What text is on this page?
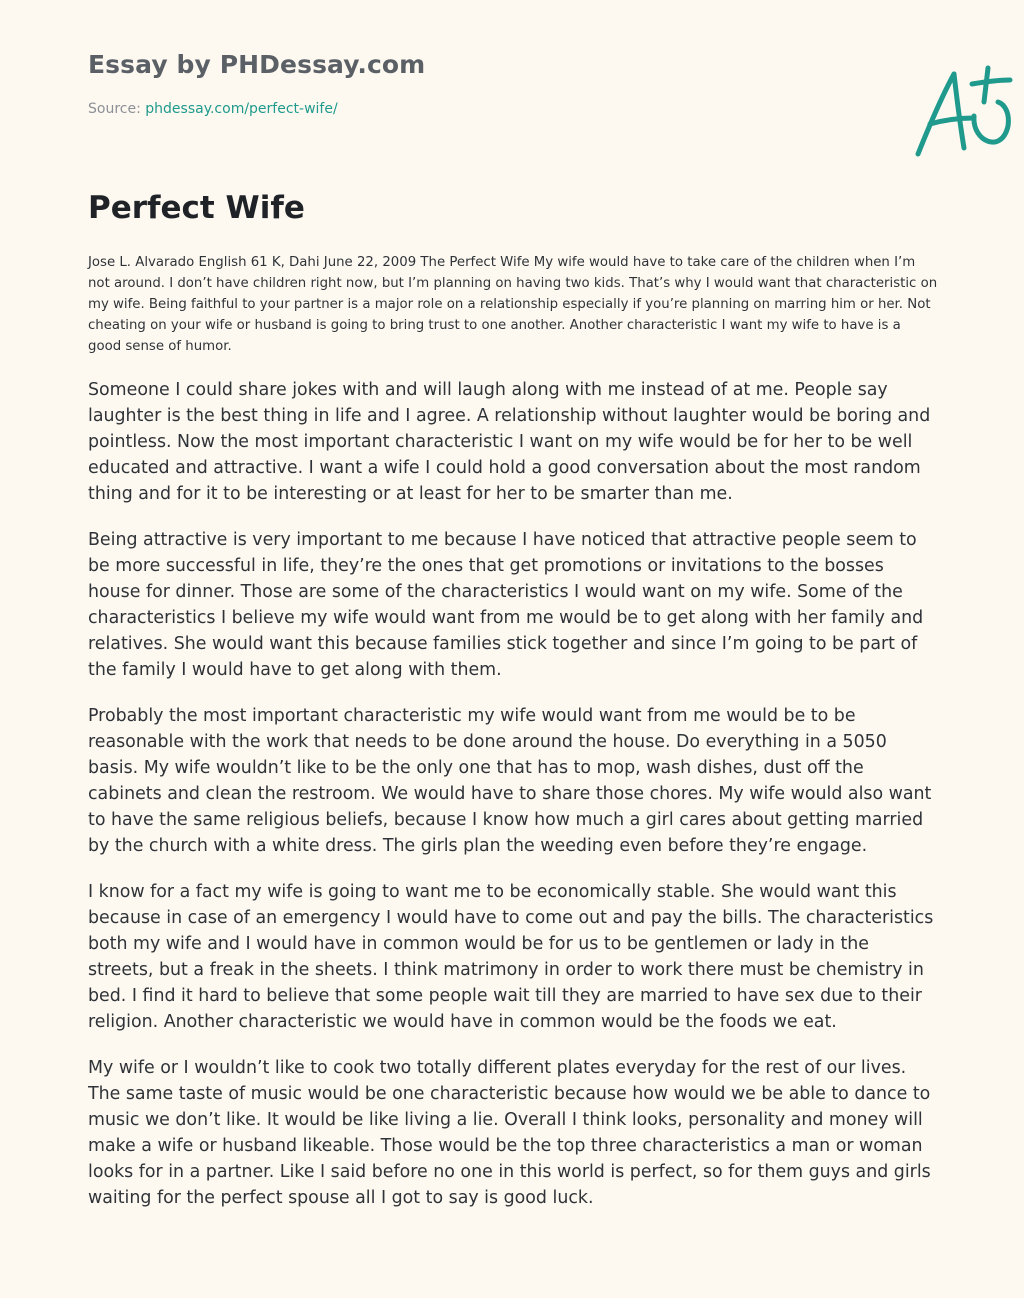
Essay by PHDessay.com
Source: phdessay.com/perfect-wife/
Perfect Wife

Jose L. Alvarado English 61 K, Dahi June 22, 2009 The Perfect Wife My wife would have to take care of the children when I’m not around. I don’t have children right now, but I’m planning on having two kids. That’s why I would want that characteristic on my wife. Being faithful to your partner is a major role on a relationship especially if you’re planning on marring him or her. Not cheating on your wife or husband is going to bring trust to one another. Another characteristic I want my wife to have is a good sense of humor.

Someone I could share jokes with and will laugh along with me instead of at me. People say laughter is the best thing in life and I agree. A relationship without laughter would be boring and pointless. Now the most important characteristic I want on my wife would be for her to be well educated and attractive. I want a wife I could hold a good conversation about the most random thing and for it to be interesting or at least for her to be smarter than me.

Being attractive is very important to me because I have noticed that attractive people seem to be more successful in life, they’re the ones that get promotions or invitations to the bosses house for dinner. Those are some of the characteristics I would want on my wife. Some of the characteristics I believe my wife would want from me would be to get along with her family and relatives. She would want this because families stick together and since I’m going to be part of the family I would have to get along with them.

Probably the most important characteristic my wife would want from me would be to be reasonable with the work that needs to be done around the house. Do everything in a 5050 basis. My wife wouldn’t like to be the only one that has to mop, wash dishes, dust off the cabinets and clean the restroom. We would have to share those chores. My wife would also want to have the same religious beliefs, because I know how much a girl cares about getting married by the church with a white dress. The girls plan the weeding even before they’re engage.

I know for a fact my wife is going to want me to be economically stable. She would want this because in case of an emergency I would have to come out and pay the bills. The characteristics both my wife and I would have in common would be for us to be gentlemen or lady in the streets, but a freak in the sheets. I think matrimony in order to work there must be chemistry in bed. I find it hard to believe that some people wait till they are married to have sex due to their religion. Another characteristic we would have in common would be the foods we eat.

My wife or I wouldn’t like to cook two totally different plates everyday for the rest of our lives. The same taste of music would be one characteristic because how would we be able to dance to music we don’t like. It would be like living a lie. Overall I think looks, personality and money will make a wife or husband likeable. Those would be the top three characteristics a man or woman looks for in a partner. Like I said before no one in this world is perfect, so for them guys and girls waiting for the perfect spouse all I got to say is good luck.
